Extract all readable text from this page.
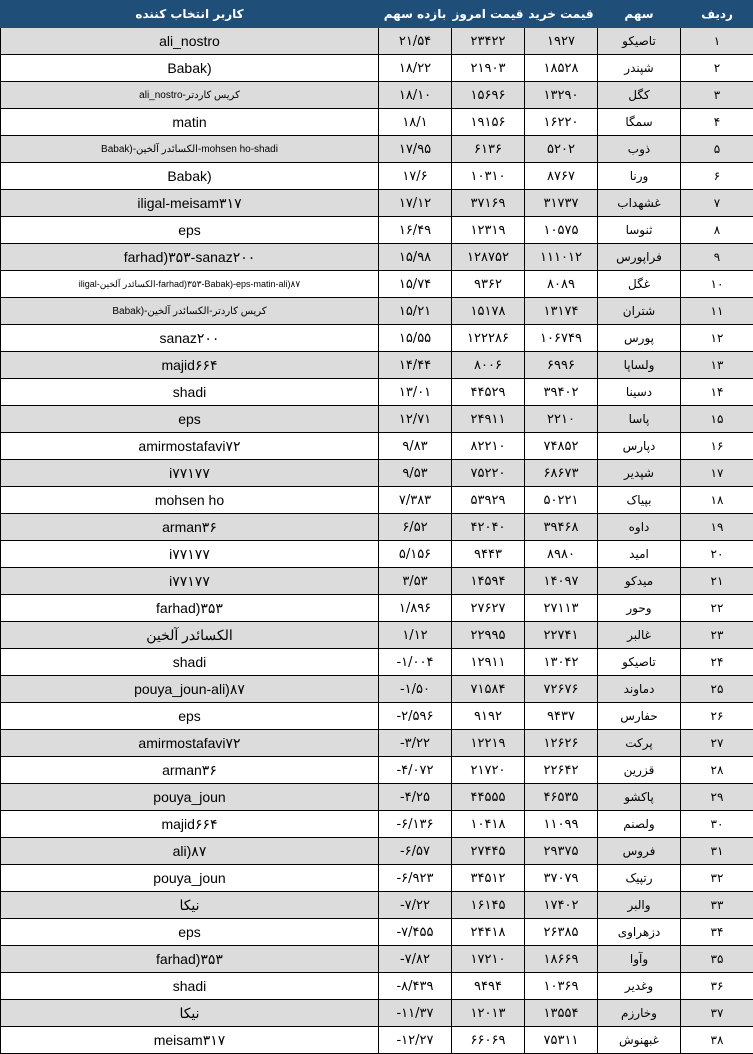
کاربر انتخاب کننده	بازده سهم	قیمت امروز	قیمت خرید	سهم	ردیف
ali_nostro	۲۱/۵۴	۲۳۴۲۲	۱۹۲۷	تاصیکو	۱
Babak)	۱۸/۲۲	۲۱۹۰۳	۱۸۵۲۸	شپندر	۲
ali_nostro-کریس کاردتر	۱۸/۱۰	۱۵۶۹۶	۱۳۲۹۰	کگل	۳
matin	۱۸/۱	۱۹۱۵۶	۱۶۲۲۰	سمگا	۴
Babak)-الکسائدر آلخین-mohsen ho-shadi	۱۷/۹۵	۶۱۳۶	۵۲۰۲	ذوب	۵
Babak)	۱۷/۶	۱۰۳۱۰	۸۷۶۷	ورنا	۶
iligal-meisam۳۱۷	۱۷/۱۲	۳۷۱۶۹	۳۱۷۳۷	غشهداب	۷
eps	۱۶/۴۹	۱۲۳۱۹	۱۰۵۷۵	ثنوسا	۸
farhad)۳۵۳-sanaz۲۰۰	۱۵/۹۸	۱۲۸۷۵۲	۱۱۱۰۱۲	فراپورس	۹
iligal-الکسائدر آلخین-farhad)۳۵۳-Babak)-eps-matin-ali)۸۷	۱۵/۷۴	۹۳۶۲	۸۰۸۹	غگل	۱۰
Babak)-کریس کاردتر-الکسائدر آلخین	۱۵/۲۱	۱۵۱۷۸	۱۳۱۷۴	شتران	۱۱
sanaz۲۰۰	۱۵/۵۵	۱۲۲۲۸۶	۱۰۶۷۴۹	پورس	۱۲
majid۶۶۴	۱۴/۴۴	۸۰۰۶	۶۹۹۶	ولساپا	۱۳
shadi	۱۳/۰۱	۴۴۵۲۹	۳۹۴۰۲	دسینا	۱۴
eps	۱۲/۷۱	۲۴۹۱۱	۲۲۱۰	پاسا	۱۵
amirmostafavi۷۲	۹/۸۳	۸۲۲۱۰	۷۴۸۵۲	دپارس	۱۶
i۷۷۱۷۷	۹/۵۳	۷۵۲۲۰	۶۸۶۷۳	شپدیر	۱۷
mohsen ho	۷/۳۸۳	۵۳۹۲۹	۵۰۲۲۱	بپیاک	۱۸
arman۳۶	۶/۵۲	۴۲۰۴۰	۳۹۴۶۸	داوه	۱۹
i۷۷۱۷۷	۵/۱۵۶	۹۴۴۳	۸۹۸۰	امید	۲۰
i۷۷۱۷۷	۳/۵۳	۱۴۵۹۴	۱۴۰۹۷	میدکو	۲۱
farhad)۳۵۳	۱/۸۹۶	۲۷۶۲۷	۲۷۱۱۳	وحور	۲۲
الکسائدر آلخین	۱/۱۲	۲۲۹۹۵	۲۲۷۴۱	غالبر	۲۳
shadi	-۱/۰۰۴	۱۲۹۱۱	۱۳۰۴۲	تاصیکو	۲۴
pouya_joun-ali)۸۷	-۱/۵۰	۷۱۵۸۴	۷۲۶۷۶	دماوند	۲۵
eps	-۲/۵۹۶	۹۱۹۲	۹۴۳۷	حفارس	۲۶
amirmostafavi۷۲	-۳/۲۲	۱۲۲۱۹	۱۲۶۲۶	پرکت	۲۷
arman۳۶	-۴/۰۷۲	۲۱۷۲۰	۲۲۶۴۲	قزرین	۲۸
pouya_joun	-۴/۲۵	۴۴۵۵۵	۴۶۵۳۵	پاکشو	۲۹
majid۶۶۴	-۶/۱۳۶	۱۰۴۱۸	۱۱۰۹۹	ولصنم	۳۰
ali)۸۷	-۶/۵۷	۲۷۴۴۵	۲۹۳۷۵	فروس	۳۱
pouya_joun	-۶/۹۲۳	۳۴۵۱۲	۳۷۰۷۹	رتپیک	۳۲
نیکا	-۷/۲۲	۱۶۱۴۵	۱۷۴۰۲	والبر	۳۳
eps	-۷/۴۵۵	۲۴۴۱۸	۲۶۳۸۵	دزهراوی	۳۴
farhad)۳۵۳	-۷/۸۲	۱۷۲۱۰	۱۸۶۶۹	وآوا	۳۵
shadi	-۸/۴۳۹	۹۴۹۴	۱۰۳۶۹	وغدیر	۳۶
نیکا	-۱۱/۳۷	۱۲۰۱۳	۱۳۵۵۴	وخارزم	۳۷
meisam۳۱۷	-۱۲/۲۷	۶۶۰۶۹	۷۵۳۱۱	غبهنوش	۳۸
